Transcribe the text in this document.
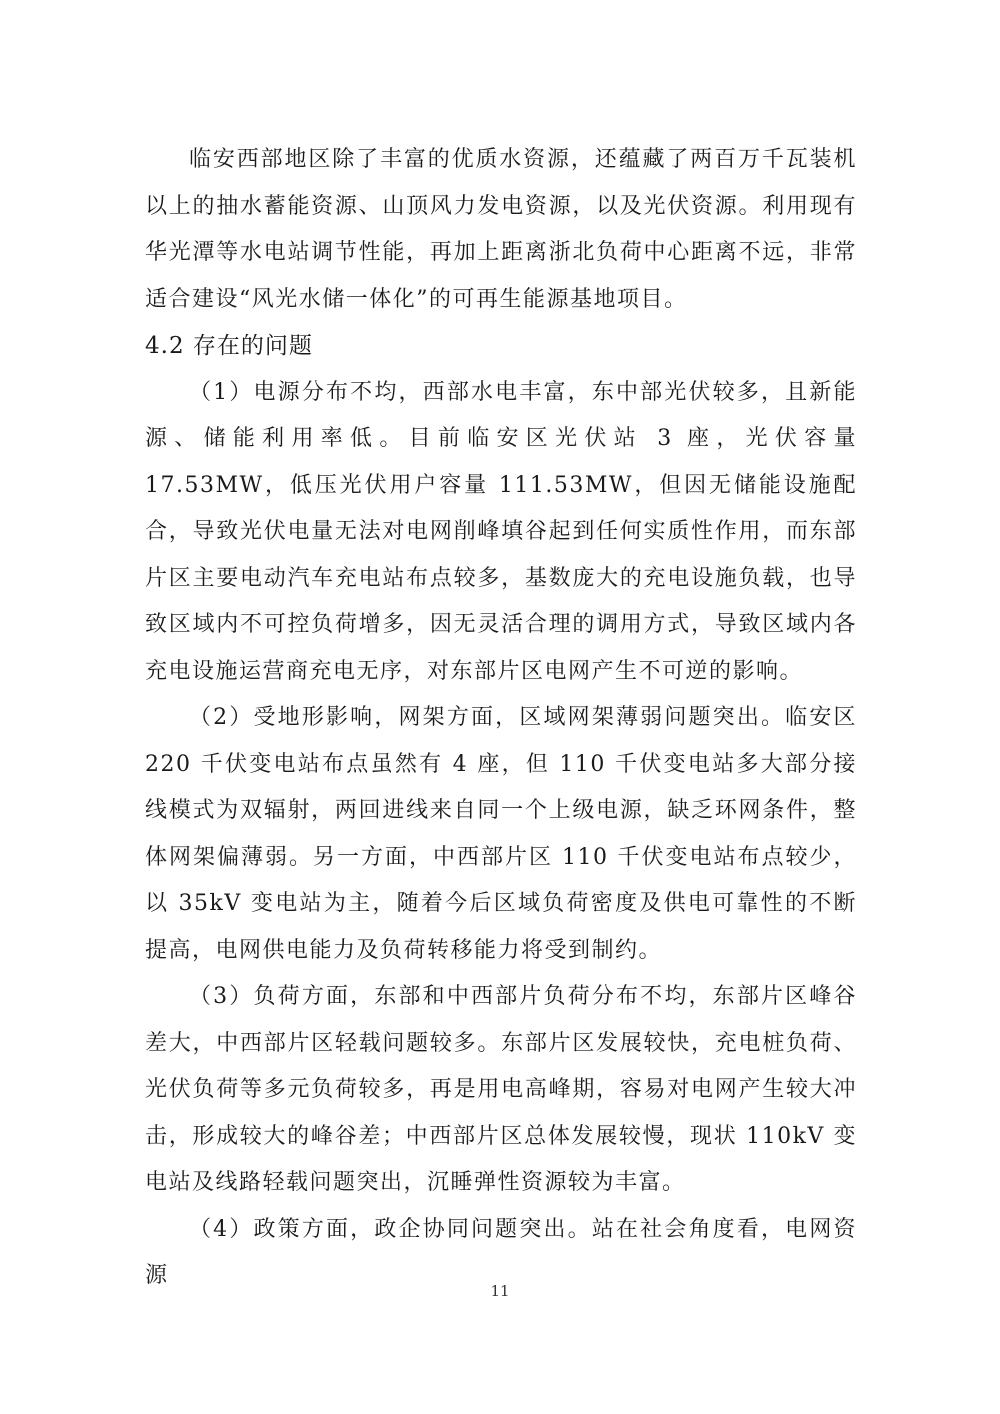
临安西部地区除了丰富的优质水资源，还蕴藏了两百万千瓦装机以上的抽水蓄能资源、山顶风力发电资源，以及光伏资源。利用现有华光潭等水电站调节性能，再加上距离浙北负荷中心距离不远，非常适合建设“风光水储一体化”的可再生能源基地项目。

4.2 存在的问题

（1）电源分布不均，西部水电丰富，东中部光伏较多，且新能源、储能利用率低。目前临安区光伏站 3 座，光伏容量 17.53MW，低压光伏用户容量 111.53MW，但因无储能设施配合，导致光伏电量无法对电网削峰填谷起到任何实质性作用，而东部片区主要电动汽车充电站布点较多，基数庞大的充电设施负载，也导致区域内不可控负荷增多，因无灵活合理的调用方式，导致区域内各充电设施运营商充电无序，对东部片区电网产生不可逆的影响。

（2）受地形影响，网架方面，区域网架薄弱问题突出。临安区 220 千伏变电站布点虽然有 4 座，但 110 千伏变电站多大部分接线模式为双辐射，两回进线来自同一个上级电源，缺乏环网条件，整体网架偏薄弱。另一方面，中西部片区 110 千伏变电站布点较少，以 35kV 变电站为主，随着今后区域负荷密度及供电可靠性的不断提高，电网供电能力及负荷转移能力将受到制约。

（3）负荷方面，东部和中西部片负荷分布不均，东部片区峰谷差大，中西部片区轻载问题较多。东部片区发展较快，充电桩负荷、光伏负荷等多元负荷较多，再是用电高峰期，容易对电网产生较大冲击，形成较大的峰谷差；中西部片区总体发展较慢，现状 110kV 变电站及线路轻载问题突出，沉睡弹性资源较为丰富。

（4）政策方面，政企协同问题突出。站在社会角度看，电网资源

11
